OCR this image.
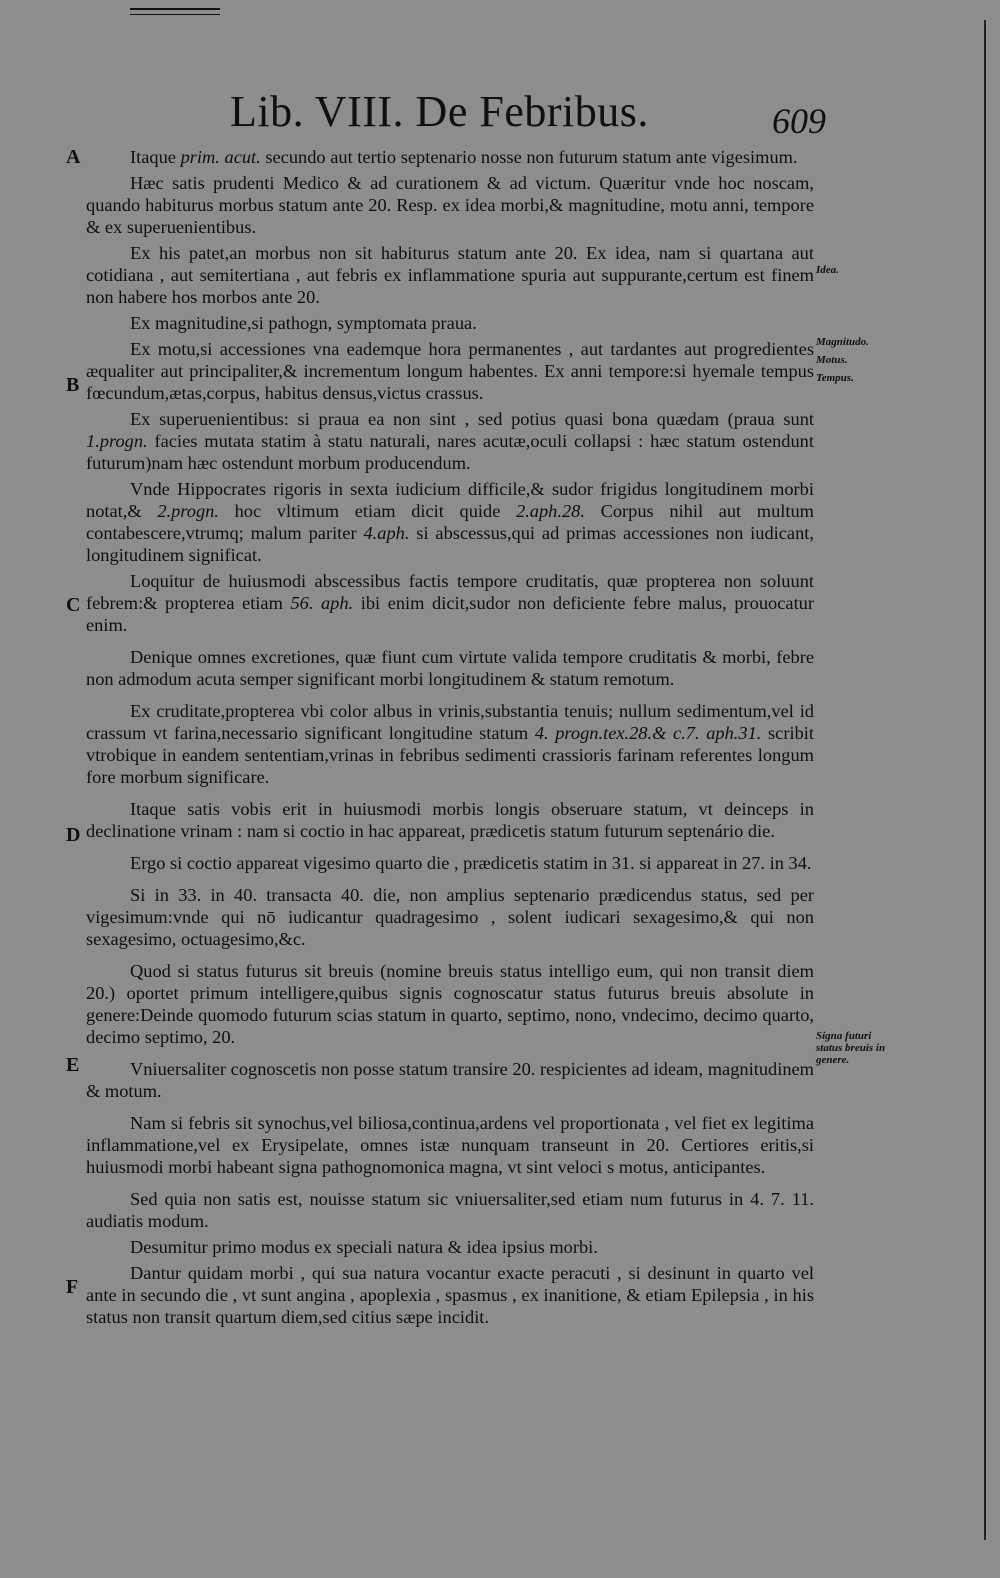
Lib. VIII. De Febribus.	609
A
B
C
D
E
F
Idea.
Magnitudo.
Motus.
Tempus.
Signa futuri status breuis in genere.

Itaque prim. acut. secundo aut tertio septenario nosse non futurum statum ante vigesimum.

Hæc satis prudenti Medico & ad curationem & ad victum. Quæritur vnde hoc noscam, quando habiturus morbus statum ante 20. Resp. ex idea morbi,& magnitudine, motu anni, tempore & ex superuenientibus.

Ex his patet,an morbus non sit habiturus statum ante 20. Ex idea, nam si quartana aut cotidiana , aut semitertiana , aut febris ex inflammatione spuria aut suppurante,certum est finem non habere hos morbos ante 20.

Ex magnitudine,si pathogn, symptomata praua.

Ex motu,si accessiones vna eademque hora permanentes , aut tardantes aut progredientes æqualiter aut principaliter,& incrementum longum habentes. Ex anni tempore:si hyemale tempus fœcundum,ætas,corpus, habitus densus,victus crassus.

Ex superuenientibus: si praua ea non sint , sed potius quasi bona quædam (praua sunt 1.progn. facies mutata statim à statu naturali, nares acutæ,oculi collapsi : hæc statum ostendunt futurum)nam hæc ostendunt morbum producendum.

Vnde Hippocrates rigoris in sexta iudicium difficile,& sudor frigidus longitudinem morbi notat,& 2.progn. hoc vltimum etiam dicit quide 2.aph.28. Corpus nihil aut multum contabescere,vtrumq; malum pariter 4.aph. si abscessus,qui ad primas accessiones non iudicant, longitudinem significat.

Loquitur de huiusmodi abscessibus factis tempore cruditatis, quæ propterea non soluunt febrem:& propterea etiam 56. aph. ibi enim dicit,sudor non deficiente febre malus, prouocatur enim.

Denique omnes excretiones, quæ fiunt cum virtute valida tempore cruditatis & morbi, febre non admodum acuta semper significant morbi longitudinem & statum remotum.

Ex cruditate,propterea vbi color albus in vrinis,substantia tenuis; nullum sedimentum,vel id crassum vt farina,necessario significant longitudine statum 4. progn.tex.28.& c.7. aph.31. scribit vtrobique in eandem sententiam,vrinas in febribus sedimenti crassioris farinam referentes longum fore morbum significare.

Itaque satis vobis erit in huiusmodi morbis longis obseruare statum, vt deinceps in declinatione vrinam : nam si coctio in hac appareat, prædicetis statum futurum septenário die.

Ergo si coctio appareat vigesimo quarto die , prædicetis statim in 31. si appareat in 27. in 34.

Si in 33. in 40. transacta 40. die, non amplius septenario prædicendus status, sed per vigesimum:vnde qui nō iudicantur quadragesimo , solent iudicari sexagesimo,& qui non sexagesimo, octuagesimo,&c.

Quod si status futurus sit breuis (nomine breuis status intelligo eum, qui non transit diem 20.) oportet primum intelligere,quibus signis cognoscatur status futurus breuis absolute in genere:Deinde quomodo futurum scias statum in quarto, septimo, nono, vndecimo, decimo quarto, decimo septimo, 20.

Vniuersaliter cognoscetis non posse statum transire 20. respicientes ad ideam, magnitudinem & motum.

Nam si febris sit synochus,vel biliosa,continua,ardens vel proportionata , vel fiet ex legitima inflammatione,vel ex Erysipelate, omnes istæ nunquam transeunt in 20. Certiores eritis,si huiusmodi morbi habeant signa pathognomonica magna, vt sint veloci s motus, anticipantes.

Sed quia non satis est, nouisse statum sic vniuersaliter,sed etiam num futurus in 4. 7. 11. audiatis modum.

Desumitur primo modus ex speciali natura & idea ipsius morbi.

Dantur quidam morbi , qui sua natura vocantur exacte peracuti , si desinunt in quarto vel ante in secundo die , vt sunt angina , apoplexia , spasmus , ex inanitione, & etiam Epilepsia , in his status non transit quartum diem,sed citius sæpe incidit.
